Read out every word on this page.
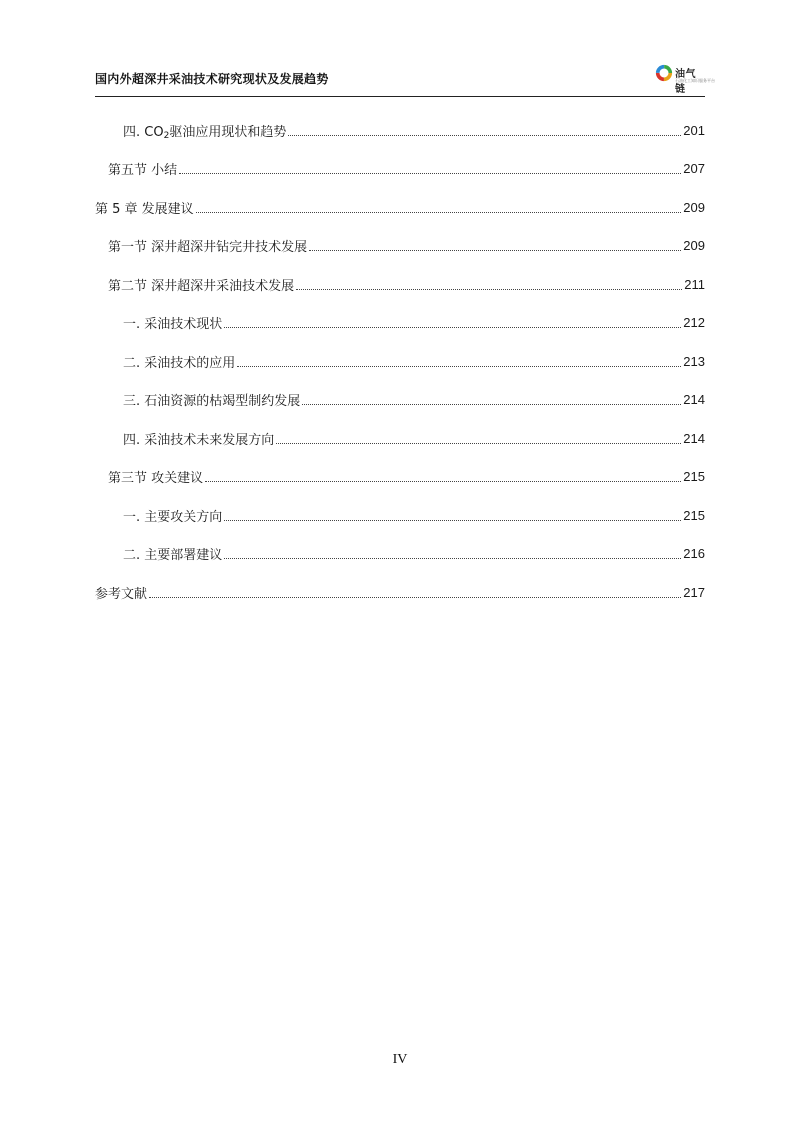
国内外超深井采油技术研究现状及发展趋势	油气链
石油化工知识服务平台
四. $CO_2$驱油应用现状和趋势	201
第五节 小结	207
第 5 章 发展建议	209
第一节 深井超深井钻完井技术发展	209
第二节 深井超深井采油技术发展	211
一. 采油技术现状	212
二. 采油技术的应用	213
三. 石油资源的枯竭型制约发展	214
四. 采油技术未来发展方向	214
第三节 攻关建议	215
一. 主要攻关方向	215
二. 主要部署建议	216
参考文献	217
IV
